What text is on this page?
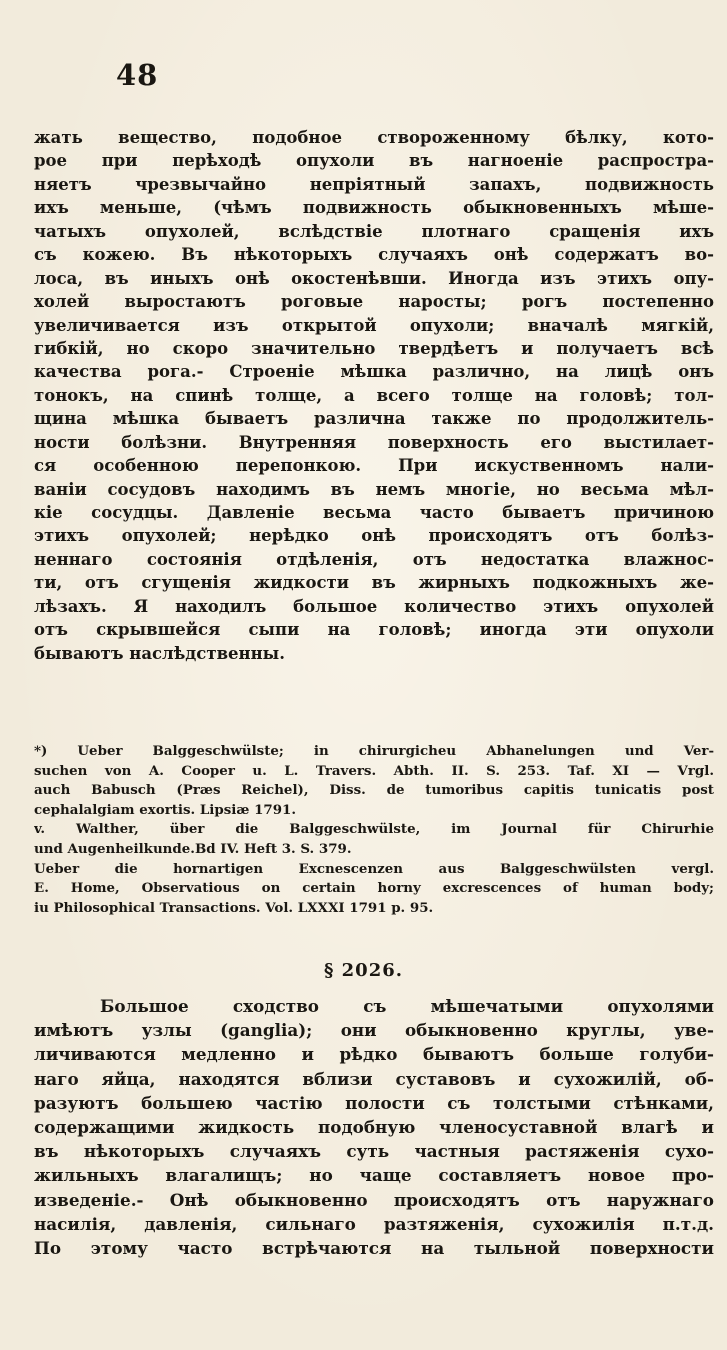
48
жать вещество, подобное створоженному бѣлку, кото-
рое при перѣходѣ опухоли въ нагноеніе распростра-
няетъ чрезвычайно непріятный запахъ, подвижность
ихъ меньше, (чѣмъ подвижность обыкновенныхъ мѣше-
чатыхъ опухолей, вслѣдствіе плотнаго сращенія ихъ
съ кожею. Въ нѣкоторыхъ случаяхъ онѣ содержатъ во-
лоса, въ иныхъ онѣ окостенѣвши. Иногда изъ этихъ опу-
холей выростаютъ роговые наросты; рогъ постепенно
увеличивается изъ открытой опухоли; вначалѣ мягкій,
гибкій, но скоро значительно твердѣетъ и получаетъ всѣ
качества рога.- Строеніе мѣшка различно, на лицѣ онъ
тонокъ, на спинѣ толще, а всего толще на головѣ; тол-
щина мѣшка бываетъ различна также по продолжитель-
ности болѣзни. Внутренняя поверхность его выстилает-
ся особенною перепонкою. При искуственномъ нали-
ваніи сосудовъ находимъ въ немъ многіе, но весьма мѣл-
кіе сосудцы. Давленіе весьма часто бываетъ причиною
этихъ опухолей; нерѣдко онѣ происходятъ отъ болѣз-
неннаго состоянія отдѣленія, отъ недостатка влажнос-
ти, отъ сгущенія жидкости въ жирныхъ подкожныхъ же-
лѣзахъ. Я находилъ большое количество этихъ опухолей
отъ скрывшейся сыпи на головѣ; иногда эти опухоли
бываютъ наслѣдственны.
*) Ueber Balggeschwülste; in chirurgicheu Abhanelungen und Ver-
suchen von A. Cooper u. L. Travers. Abth. II. S. 253. Taf. XI — Vrgl.
auch Babusch (Præs Reichel), Diss. de tumoribus capitis tunicatis post
cephalalgiam exortis. Lipsiæ 1791.
v. Walther, über die Balggeschwülste, im Journal für Chirurhie
und Augenheilkunde.Bd IV. Heft 3. S. 379.
Ueber die hornartigen Excnescenzen aus Balggeschwülsten vergl.
E. Home, Observatious on certain horny excrescences of human body;
iu Philosophical Transactions. Vol. LXXXI 1791 p. 95.
§ 2026.
Большое сходство съ мѣшечатыми опухолями
имѣютъ узлы (ganglia); они обыкновенно круглы, уве-
личиваются медленно и рѣдко бываютъ больше голуби-
наго яйца, находятся вблизи суставовъ и сухожилій, об-
разуютъ большею частію полости съ толстыми стѣнками,
содержащими жидкость подобную членосуставной влагѣ и
въ нѣкоторыхъ случаяхъ суть частныя растяженія сухо-
жильныхъ влагалищъ; но чаще составляетъ новое про-
изведеніе.- Онѣ обыкновенно происходятъ отъ наружнаго
насилія, давленія, сильнаго разтяженія, сухожилія п.т.д.
По этому часто встрѣчаются на тыльной поверхности
